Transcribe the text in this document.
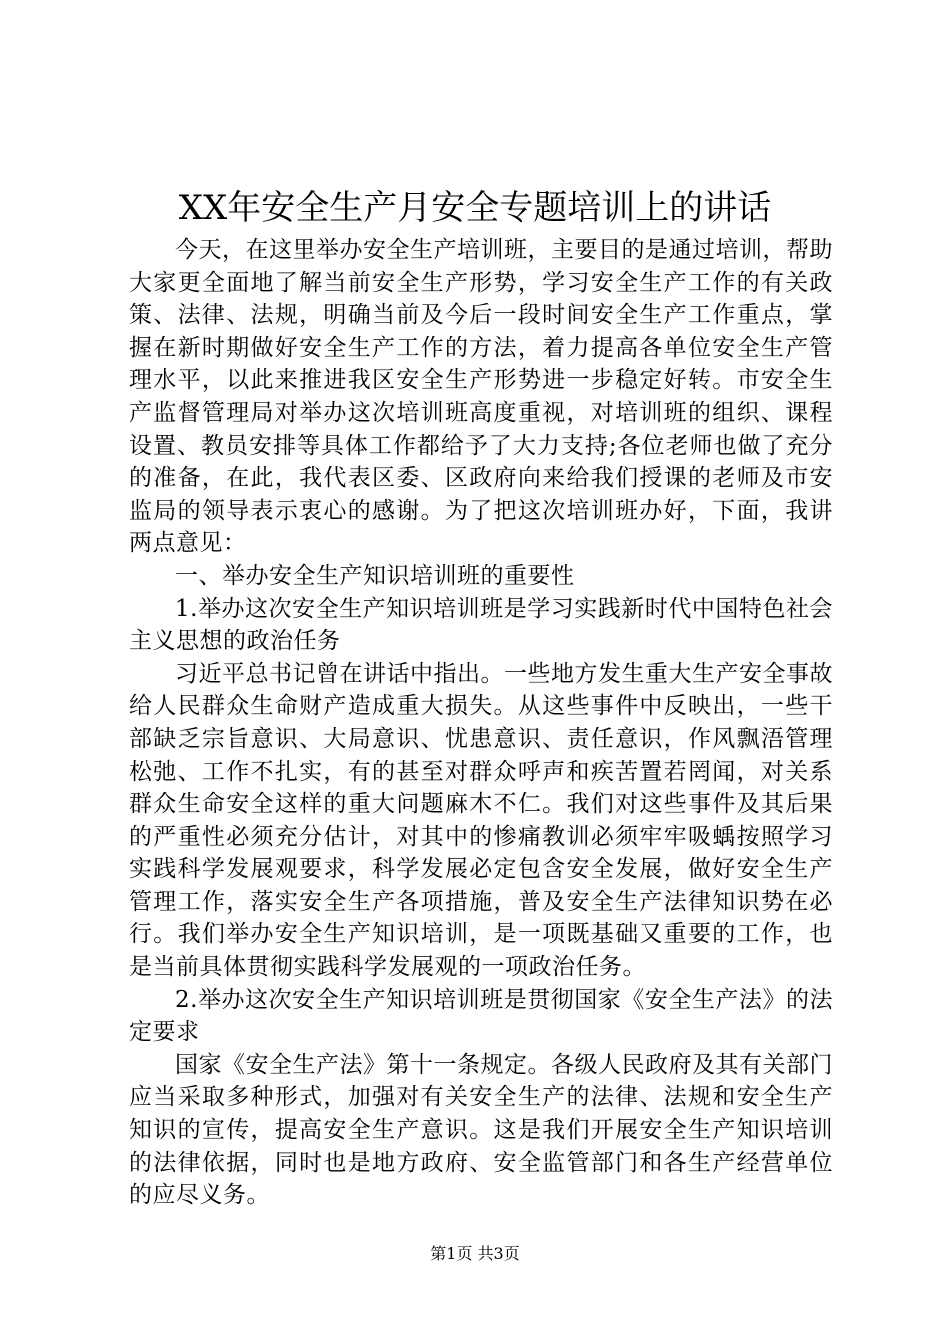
XX年安全生产月安全专题培训上的讲话

今天，在这里举办安全生产培训班，主要目的是通过培训，帮助大家更全面地了解当前安全生产形势，学习安全生产工作的有关政策、法律、法规，明确当前及今后一段时间安全生产工作重点，掌握在新时期做好安全生产工作的方法，着力提高各单位安全生产管理水平，以此来推进我区安全生产形势进一步稳定好转。市安全生产监督管理局对举办这次培训班高度重视，对培训班的组织、课程设置、教员安排等具体工作都给予了大力支持;各位老师也做了充分的准备，在此，我代表区委、区政府向来给我们授课的老师及市安监局的领导表示衷心的感谢。为了把这次培训班办好，下面，我讲两点意见：

一、举办安全生产知识培训班的重要性

1.举办这次安全生产知识培训班是学习实践新时代中国特色社会主义思想的政治任务

习近平总书记曾在讲话中指出。一些地方发生重大生产安全事故给人民群众生命财产造成重大损失。从这些事件中反映出，一些干部缺乏宗旨意识、大局意识、忧患意识、责任意识，作风飘浯管理松弛、工作不扎实，有的甚至对群众呼声和疾苦置若罔闻，对关系群众生命安全这样的重大问题麻木不仁。我们对这些事件及其后果的严重性必须充分估计，对其中的惨痛教训必须牢牢吸蝺按照学习实践科学发展观要求，科学发展必定包含安全发展，做好安全生产管理工作，落实安全生产各项措施，普及安全生产法律知识势在必行。我们举办安全生产知识培训，是一项既基础又重要的工作，也是当前具体贯彻实践科学发展观的一项政治任务。

2.举办这次安全生产知识培训班是贯彻国家《安全生产法》的法定要求

国家《安全生产法》第十一条规定。各级人民政府及其有关部门应当采取多种形式，加强对有关安全生产的法律、法规和安全生产知识的宣传，提高安全生产意识。这是我们开展安全生产知识培训的法律依据，同时也是地方政府、安全监管部门和各生产经营单位的应尽义务。

第1页 共3页
